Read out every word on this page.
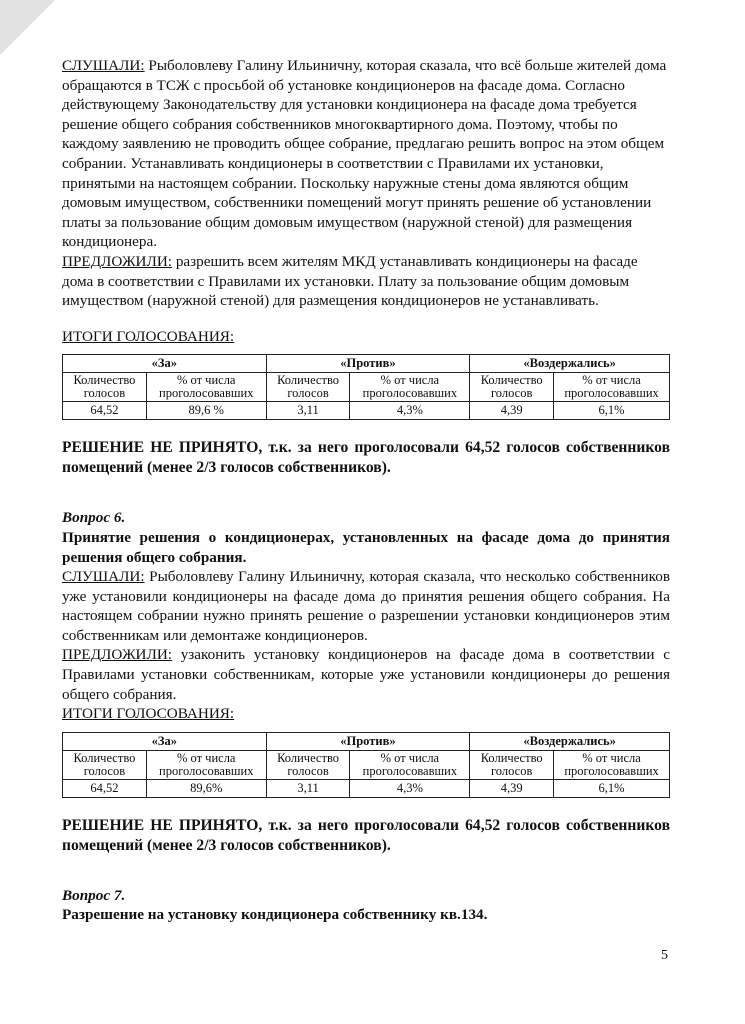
СЛУШАЛИ: Рыболовлеву Галину Ильиничну, которая сказала, что всё больше жителей дома обращаются в ТСЖ с просьбой об установке кондиционеров на фасаде дома. Согласно действующему Законодательству для установки кондиционера на фасаде дома требуется решение общего собрания собственников многоквартирного дома. Поэтому, чтобы по каждому заявлению не проводить общее собрание, предлагаю решить вопрос на этом общем собрании. Устанавливать кондиционеры в соответствии с Правилами их установки, принятыми на настоящем собрании. Поскольку наружные стены дома являются общим домовым имуществом, собственники помещений могут принять решение об установлении платы за пользование общим домовым имуществом (наружной стеной) для размещения кондиционера.

ПРЕДЛОЖИЛИ: разрешить всем жителям МКД устанавливать кондиционеры на фасаде дома в соответствии с Правилами их установки. Плату за пользование общим домовым имуществом (наружной стеной) для размещения кондиционеров не устанавливать.

ИТОГИ ГОЛОСОВАНИЯ:

«За»		«Против»		«Воздержались»	
Количество голосов	% от числа проголосовавших	Количество голосов	% от числа проголосовавших	Количество голосов	% от числа проголосовавших
64,52	89,6 %	3,11	4,3%	4,39	6,1%

РЕШЕНИЕ НЕ ПРИНЯТО, т.к. за него проголосовали 64,52 голосов собственников помещений (менее 2/3 голосов собственников).

Вопрос 6.

Принятие решения о кондиционерах, установленных на фасаде дома до принятия решения общего собрания.

СЛУШАЛИ: Рыболовлеву Галину Ильиничну, которая сказала, что несколько собственников уже установили кондиционеры на фасаде дома до принятия решения общего собрания. На настоящем собрании нужно принять решение о разрешении установки кондиционеров этим собственникам или демонтаже кондиционеров.

ПРЕДЛОЖИЛИ: узаконить установку кондиционеров на фасаде дома в соответствии с Правилами установки собственникам, которые уже установили кондиционеры до решения общего собрания.

ИТОГИ ГОЛОСОВАНИЯ:

«За»		«Против»		«Воздержались»	
Количество голосов	% от числа проголосовавших	Количество голосов	% от числа проголосовавших	Количество голосов	% от числа проголосовавших
64,52	89,6%	3,11	4,3%	4,39	6,1%

РЕШЕНИЕ НЕ ПРИНЯТО, т.к. за него проголосовали 64,52 голосов собственников помещений (менее 2/3 голосов собственников).

Вопрос 7.

Разрешение на установку кондиционера собственнику кв.134.

5
